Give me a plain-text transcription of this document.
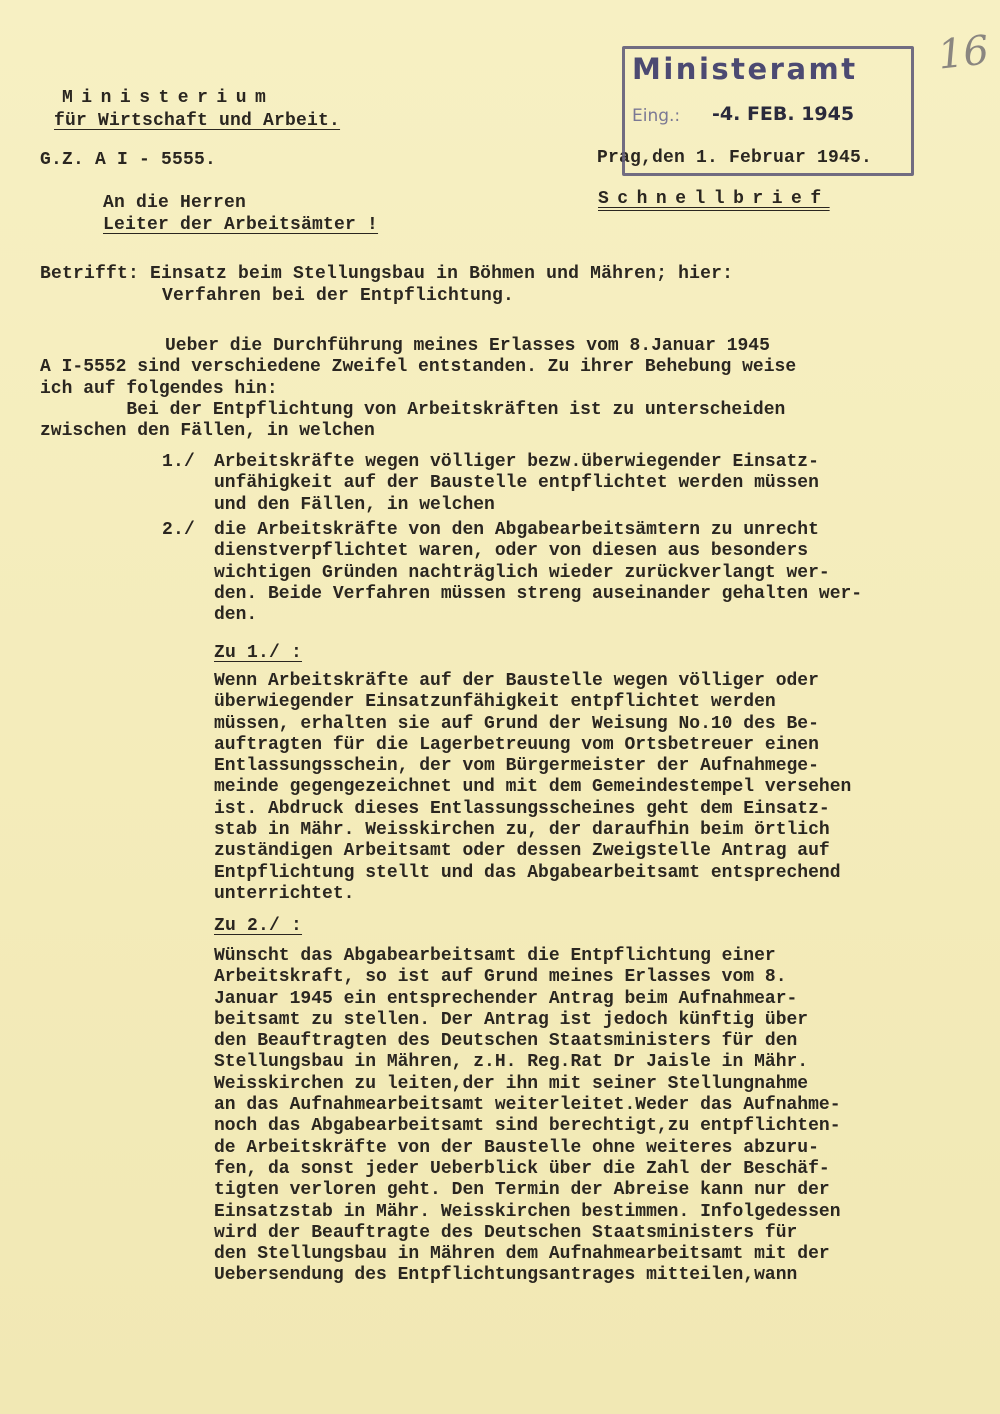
Ministerium
für Wirtschaft und Arbeit.
G.Z. A I - 5555.
An die Herren
Leiter der Arbeitsämter !
Prag,den 1. Februar 1945.
Schnellbrief
Ministeramt
Eing.: -4. FEB. 1945
16
Betrifft: Einsatz beim Stellungsbau in Böhmen und Mähren; hier:
Verfahren bei der Entpflichtung.
Ueber die Durchführung meines Erlasses vom 8.Januar 1945
A I-5552 sind verschiedene Zweifel entstanden. Zu ihrer Behebung weise
ich auf folgendes hin:
Bei der Entpflichtung von Arbeitskräften ist zu unterscheiden
zwischen den Fällen, in welchen
1./ Arbeitskräfte wegen völliger bezw.überwiegender Einsatz-
unfähigkeit auf der Baustelle entpflichtet werden müssen
und den Fällen, in welchen
2./ die Arbeitskräfte von den Abgabearbeitsämtern zu unrecht
dienstverpflichtet waren, oder von diesen aus besonders
wichtigen Gründen nachträglich wieder zurückverlangt wer-
den. Beide Verfahren müssen streng auseinander gehalten wer-
den.
Zu 1./ :
Wenn Arbeitskräfte auf der Baustelle wegen völliger oder
überwiegender Einsatzunfähigkeit entpflichtet werden
müssen, erhalten sie auf Grund der Weisung No.10 des Be-
auftragten für die Lagerbetreuung vom Ortsbetreuer einen
Entlassungsschein, der vom Bürgermeister der Aufnahmege-
meinde gegengezeichnet und mit dem Gemeindestempel versehen
ist. Abdruck dieses Entlassungsscheines geht dem Einsatz-
stab in Mähr. Weisskirchen zu, der daraufhin beim örtlich
zuständigen Arbeitsamt oder dessen Zweigstelle Antrag auf
Entpflichtung stellt und das Abgabearbeitsamt entsprechend
unterrichtet.
Zu 2./ :
Wünscht das Abgabearbeitsamt die Entpflichtung einer
Arbeitskraft, so ist auf Grund meines Erlasses vom 8.
Januar 1945 ein entsprechender Antrag beim Aufnahmear-
beitsamt zu stellen. Der Antrag ist jedoch künftig über
den Beauftragten des Deutschen Staatsministers für den
Stellungsbau in Mähren, z.H. Reg.Rat Dr Jaisle in Mähr.
Weisskirchen zu leiten,der ihn mit seiner Stellungnahme
an das Aufnahmearbeitsamt weiterleitet.Weder das Aufnahme-
noch das Abgabearbeitsamt sind berechtigt,zu entpflichten-
de Arbeitskräfte von der Baustelle ohne weiteres abzuru-
fen, da sonst jeder Ueberblick über die Zahl der Beschäf-
tigten verloren geht. Den Termin der Abreise kann nur der
Einsatzstab in Mähr. Weisskirchen bestimmen. Infolgedessen
wird der Beauftragte des Deutschen Staatsministers für
den Stellungsbau in Mähren dem Aufnahmearbeitsamt mit der
Uebersendung des Entpflichtungsantrages mitteilen,wann
